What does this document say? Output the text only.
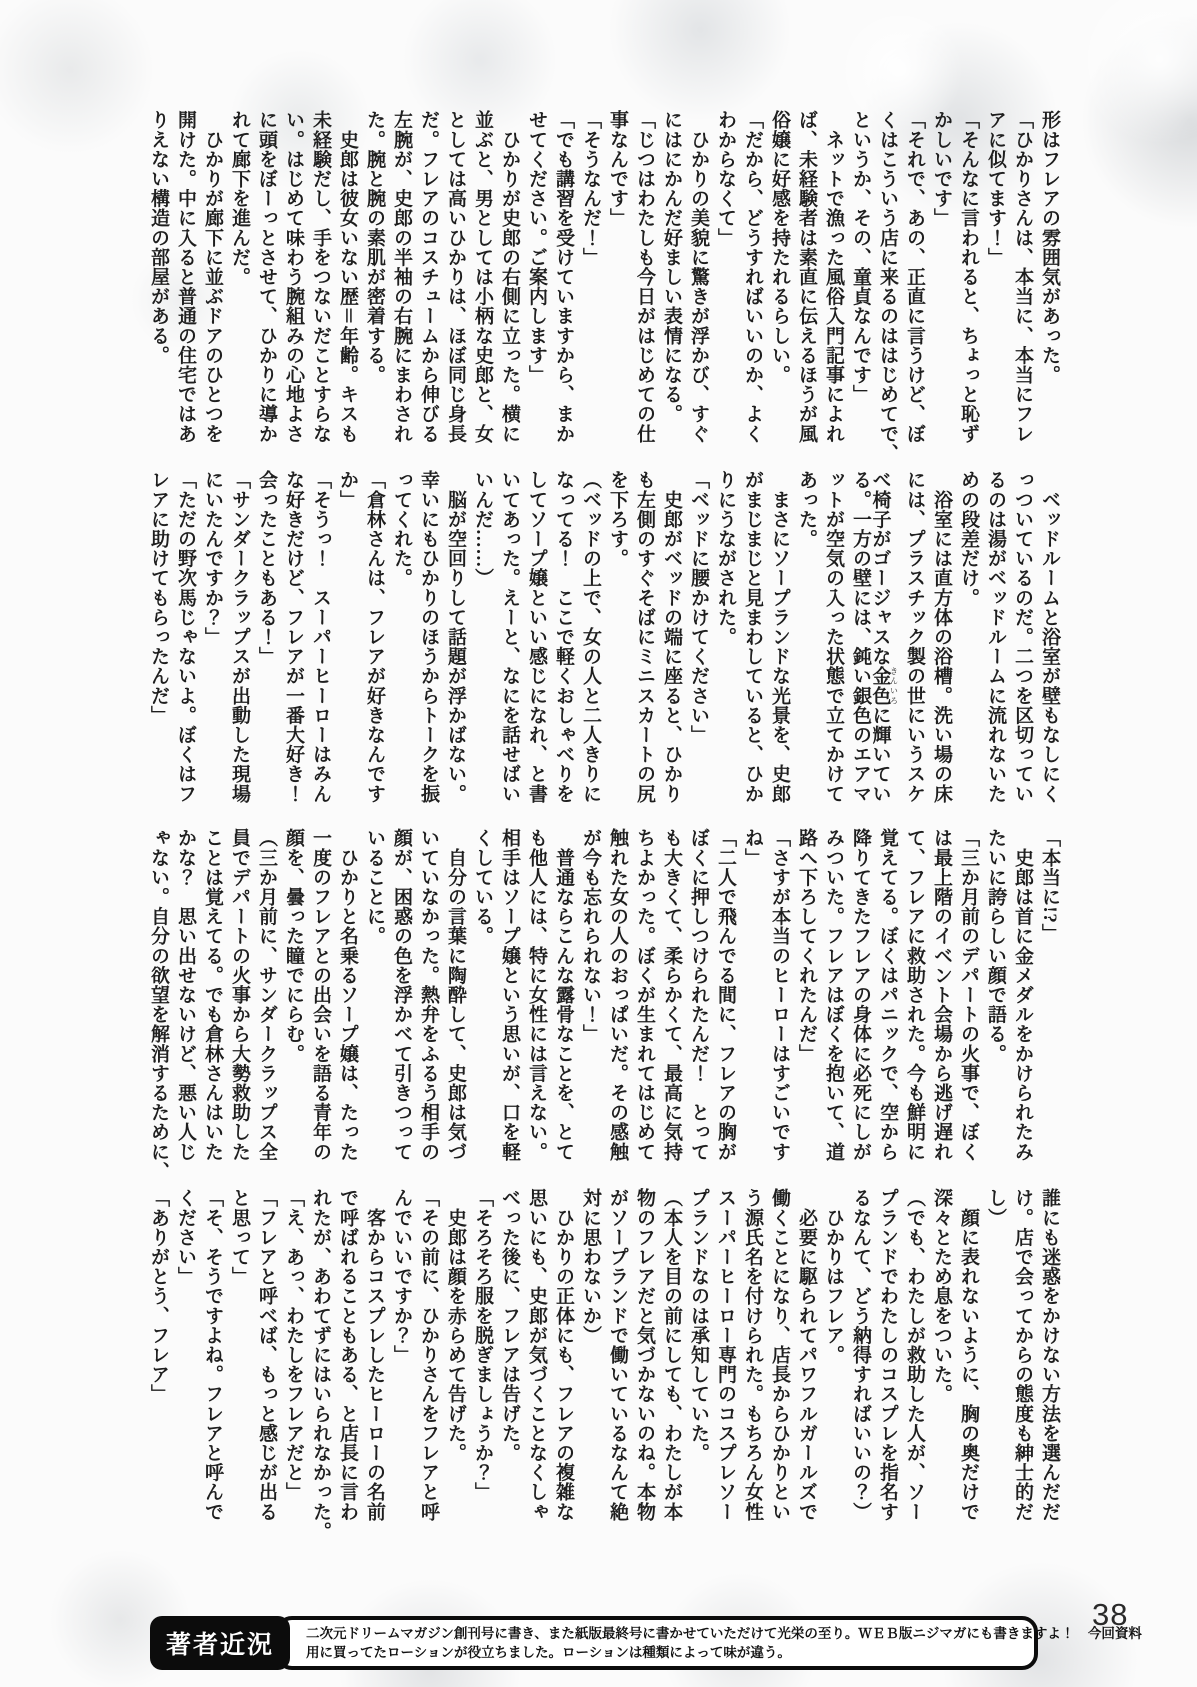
形はフレアの雰囲気があった。
「ひかりさんは、本当に、本当にフレ
アに似てます！」
「そんなに言われると、ちょっと恥ず
かしいです」
「それで、あの、正直に言うけど、ぼ
くはこういう店に来るのははじめてで、
というか、その、童貞なんです」
　ネットで漁った風俗入門記事によれ
ば、未経験者は素直に伝えるほうが風
俗嬢に好感を持たれるらしい。
「だから、どうすればいいのか、よく
わからなくて」
　ひかりの美貌に驚きが浮かび、すぐ
にはにかんだ好ましい表情になる。
「じつはわたしも今日がはじめての仕
事なんです」
「そうなんだ！」
「でも講習を受けていますから、まか
せてください。ご案内します」
　ひかりが史郎の右側に立った。横に
並ぶと、男としては小柄な史郎と、女
としては高いひかりは、ほぼ同じ身長
だ。フレアのコスチュームから伸びる
左腕が、史郎の半袖の右腕にまわされ
た。腕と腕の素肌が密着する。
　史郎は彼女いない歴＝年齢。キスも
未経験だし、手をつないだことすらな
い。はじめて味わう腕組みの心地よさ
に頭をぼーっとさせて、ひかりに導か
れて廊下を進んだ。
　ひかりが廊下に並ぶドアのひとつを
開けた。中に入ると普通の住宅ではあ
りえない構造の部屋がある。
　ベッドルームと浴室が壁もなしにく
っついているのだ。二つを区切ってい
るのは湯がベッドルームに流れないた
めの段差だけ。
　浴室には直方体の浴槽。洗い場の床
には、プラスチック製の世にいうスケ
べ椅子がゴージャスな金色 きんいろに輝いてい
る。一方の壁には、鈍い銀色のエアマ
ットが空気の入った状態で立てかけて
あった。
　まさにソープランドな光景を、史郎
がまじまじと見まわしていると、ひか
りにうながされた。
「ベッドに腰かけてください」
　史郎がベッドの端に座ると、ひかり
も左側のすぐそばにミニスカートの尻
を下ろす。
（ベッドの上で、女の人と二人きりに
なってる！　ここで軽くおしゃべりを
してソープ嬢といい感じになれ、と書
いてあった。えーと、なにを話せばい
いんだ……）
　脳が空回りして話題が浮かばない。
幸いにもひかりのほうからトークを振
ってくれた。
「倉林さんは、フレアが好きなんです
か」
「そうっ！　スーパーヒーローはみん
な好きだけど、フレアが一番大好き！
会ったこともある！」
「サンダークラップスが出動した現場
にいたんですか？」
「ただの野次馬じゃないよ。ぼくはフ
レアに助けてもらったんだ」
「本当に!?」
　史郎は首に金メダルをかけられたみ
たいに誇らしい顔で語る。
「三か月前のデパートの火事で、ぼく
は最上階のイベント会場から逃げ遅れ
て、フレアに救助された。今も鮮明に
覚えてる。ぼくはパニックで、空から
降りてきたフレアの身体に必死にしが
みついた。フレアはぼくを抱いて、道
路へ下ろしてくれたんだ」
「さすが本当のヒーローはすごいです
ね」
「二人で飛んでる間に、フレアの胸が
ぼくに押しつけられたんだ！　とって
も大きくて、柔らかくて、最高に気持
ちよかった。ぼくが生まれてはじめて
触れた女の人のおっぱいだ。その感触
が今も忘れられない！」
　普通ならこんな露骨なことを、とて
も他人には、特に女性には言えない。
相手はソープ嬢という思いが、口を軽
くしている。
　自分の言葉に陶酔して、史郎は気づ
いていなかった。熱弁をふるう相手の
顔が、困惑の色を浮かべて引きつって
いることに。
　ひかりと名乗るソープ嬢は、たった
一度のフレアとの出会いを語る青年の
顔を、曇った瞳でにらむ。
（三か月前に、サンダークラップス全
員でデパートの火事から大勢救助した
ことは覚えてる。でも倉林さんはいた
かな？　思い出せないけど、悪い人じ
ゃない。自分の欲望を解消するために、
誰にも迷惑をかけない方法を選んだだ
け。店で会ってからの態度も紳士的だ
し）
　顔に表れないように、胸の奥だけで
深々とため息をついた。
（でも、わたしが救助した人が、ソー
プランドでわたしのコスプレを指名す
るなんて、どう納得すればいいの？）
　ひかりはフレア。
　必要に駆られてパワフルガールズで
働くことになり、店長からひかりとい
う源氏名を付けられた。もちろん女性
スーパーヒーロー専門のコスプレソー
プランドなのは承知していた。
（本人を目の前にしても、わたしが本
物のフレアだと気づかないのね。本物
がソープランドで働いているなんて絶
対に思わないか）
　ひかりの正体にも、フレアの複雑な
思いにも、史郎が気づくことなくしゃ
べった後に、フレアは告げた。
「そろそろ服を脱ぎましょうか？」
　史郎は顔を赤らめて告げた。
「その前に、ひかりさんをフレアと呼
んでいいですか？」
　客からコスプレしたヒーローの名前
で呼ばれることもある、と店長に言わ
れたが、あわてずにはいられなかった。
「え、あっ、わたしをフレアだと」
「フレアと呼べば、もっと感じが出る
と思って」
「そ、そうですよね。フレアと呼んで
ください」
「ありがとう、フレア」
著者近況	二次元ドリームマガジン創刊号に書き、また紙版最終号に書かせていただけて光栄の至り。ＷＥＢ版ニジマガにも書きますよ！　今回資料
用に買ってたローションが役立ちました。ローションは種類によって味が違う。
38
